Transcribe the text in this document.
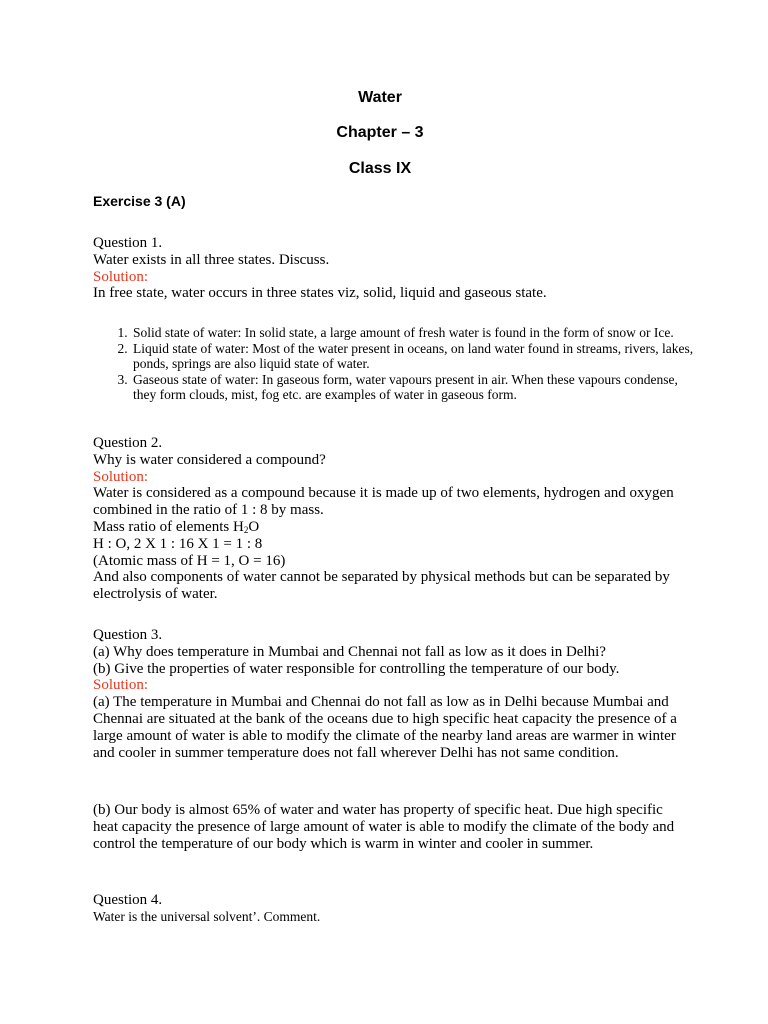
Water
Chapter – 3
Class IX
Exercise 3 (A)

Question 1.

Water exists in all three states. Discuss.

Solution:

In free state, water occurs in three states viz, solid, liquid and gaseous state.

1. Solid state of water: In solid state, a large amount of fresh water is found in the form of snow or Ice.
2. Liquid state of water: Most of the water present in oceans, on land water found in streams, rivers, lakes, ponds, springs are also liquid state of water.
3. Gaseous state of water: In gaseous form, water vapours present in air. When these vapours condense, they form clouds, mist, fog etc. are examples of water in gaseous form.

Question 2.

Why is water considered a compound?

Solution:

Water is considered as a compound because it is made up of two elements, hydrogen and oxygen combined in the ratio of 1 : 8 by mass.

Mass ratio of elements $H_2O$

H : O, 2 X 1 : 16 X 1 = 1 : 8

(Atomic mass of H = 1, O = 16)

And also components of water cannot be separated by physical methods but can be separated by electrolysis of water.

Question 3.

(a) Why does temperature in Mumbai and Chennai not fall as low as it does in Delhi?

(b) Give the properties of water responsible for controlling the temperature of our body.

Solution:

(a) The temperature in Mumbai and Chennai do not fall as low as in Delhi because Mumbai and Chennai are situated at the bank of the oceans due to high specific heat capacity the presence of a large amount of water is able to modify the climate of the nearby land areas are warmer in winter and cooler in summer temperature does not fall wherever Delhi has not same condition.

(b) Our body is almost 65% of water and water has property of specific heat. Due high specific heat capacity the presence of large amount of water is able to modify the climate of the body and control the temperature of our body which is warm in winter and cooler in summer.

Question 4.

Water is the universal solvent’. Comment.
